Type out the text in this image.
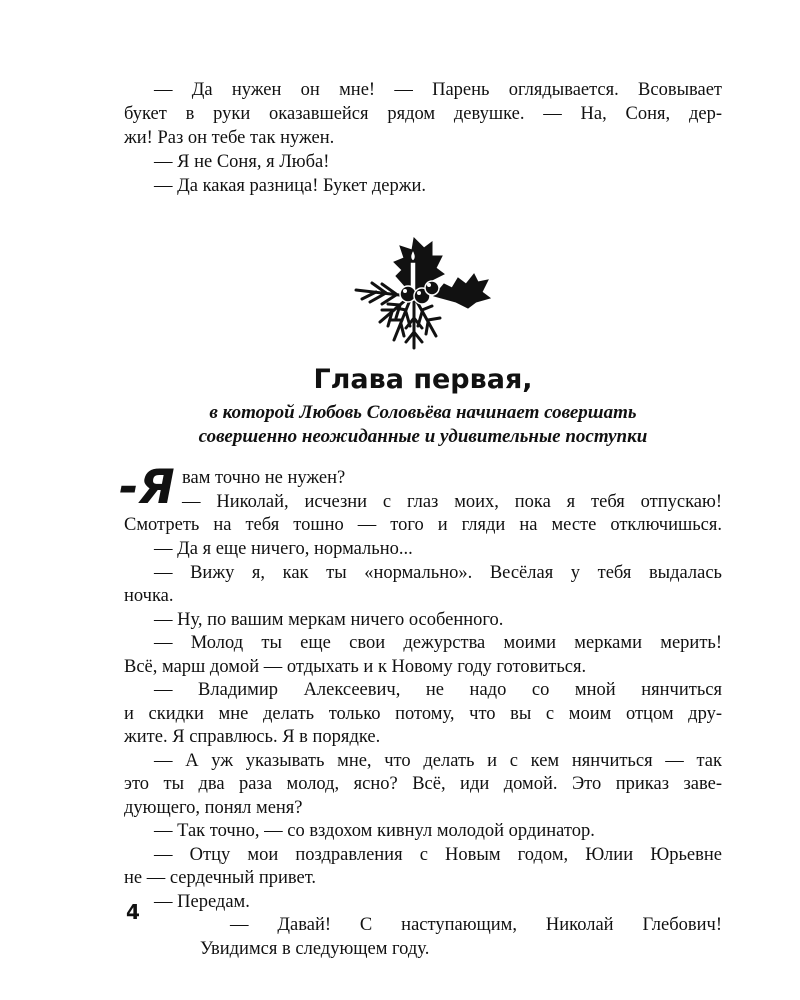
— Да нужен он мне! — Парень оглядывается. Всовывает
букет в руки оказавшейся рядом девушке. — На, Соня, дер-
жи! Раз он тебе так нужен.
— Я не Соня, я Люба!
— Да какая разница! Букет держи.
Глава первая,
в которой Любовь Соловьёва начинает совершать
совершенно неожиданные и удивительные поступки
-Я вам точно не нужен?
— Николай, исчезни с глаз моих, пока я тебя отпускаю!
Смотреть на тебя тошно — того и гляди на месте отключишься.
— Да я еще ничего, нормально...
— Вижу я, как ты «нормально». Весёлая у тебя выдалась
ночка.
— Ну, по вашим меркам ничего особенного.
— Молод ты еще свои дежурства моими мерками мерить!
Всё, марш домой — отдыхать и к Новому году готовиться.
— Владимир Алексеевич, не надо со мной нянчиться
и скидки мне делать только потому, что вы с моим отцом дру-
жите. Я справлюсь. Я в порядке.
— А уж указывать мне, что делать и с кем нянчиться — так
это ты два раза молод, ясно? Всё, иди домой. Это приказ заве-
дующего, понял меня?
— Так точно, — со вздохом кивнул молодой ординатор.
— Отцу мои поздравления с Новым годом, Юлии Юрьевне
не — сердечный привет.
— Передам.
— Давай! С наступающим, Николай Глебович!
Увидимся в следующем году.
4
